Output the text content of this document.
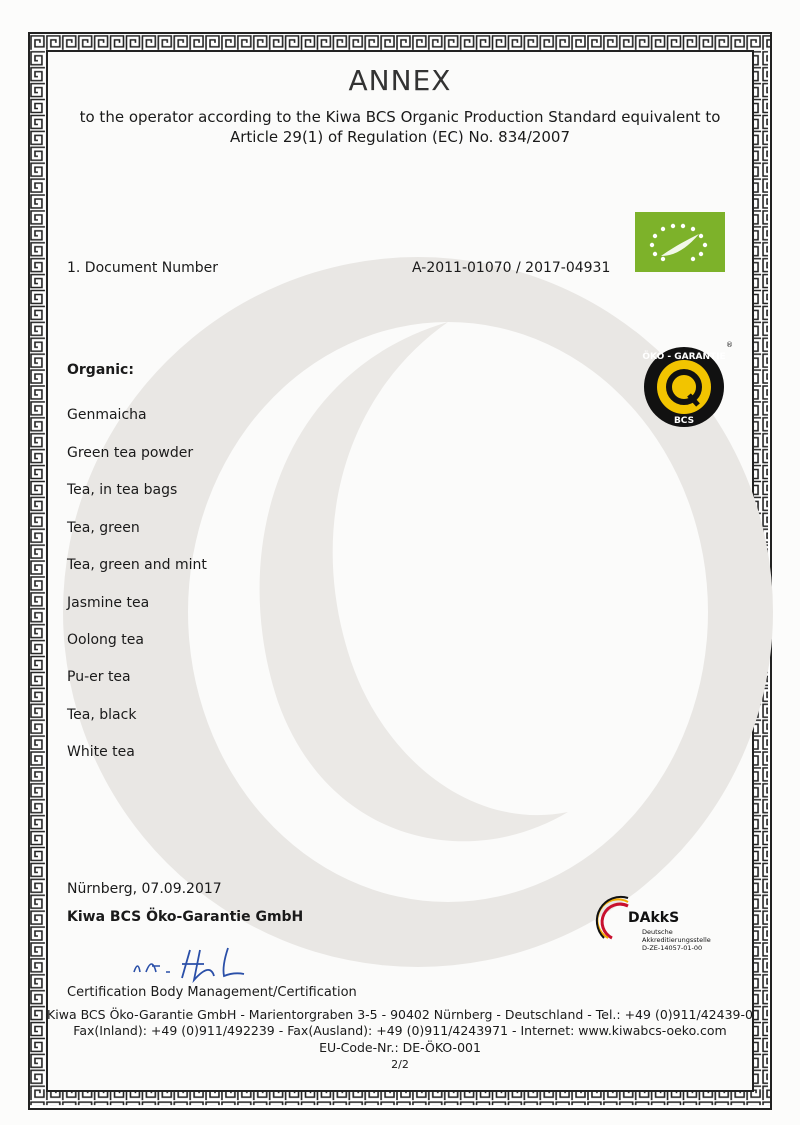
ÖKO - GARANTIE
BCS
®
DAkkS
Deutsche
Akkreditierungsstelle
D-ZE-14057-01-00
ANNEX
to the operator according to the Kiwa BCS Organic Production Standard equivalent to
Article 29(1) of Regulation (EC) No. 834/2007
1. Document Number	A-2011-01070 / 2017-04931
Organic:
Genmaicha
Green tea powder
Tea, in tea bags
Tea, green
Tea, green and mint
Jasmine tea
Oolong tea
Pu-er tea
Tea, black
White tea
Nürnberg, 07.09.2017
Kiwa BCS Öko-Garantie GmbH
Certification Body Management/Certification
Kiwa BCS Öko-Garantie GmbH - Marientorgraben 3-5 - 90402 Nürnberg - Deutschland - Tel.: +49 (0)911/42439-0
Fax(Inland): +49 (0)911/492239 - Fax(Ausland): +49 (0)911/4243971 - Internet: www.kiwabcs-oeko.com
EU-Code-Nr.: DE-ÖKO-001
2/2
